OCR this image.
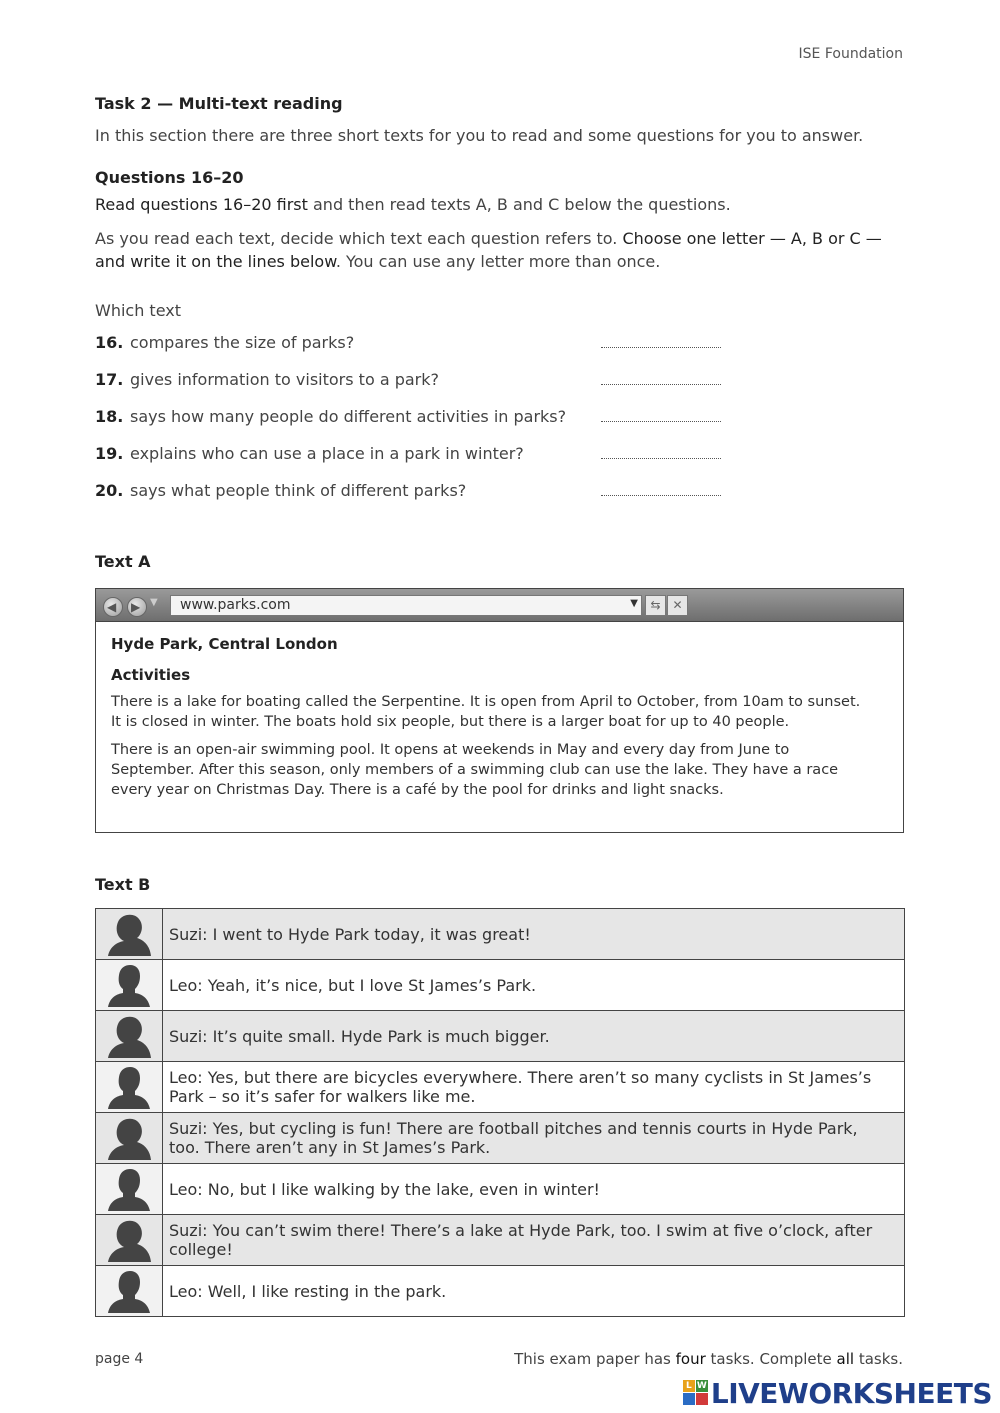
ISE Foundation
Task 2 — Multi-text reading
In this section there are three short texts for you to read and some questions for you to answer.
Questions 16–20
Read questions 16–20 first and then read texts A, B and C below the questions.
As you read each text, decide which text each question refers to. Choose one letter — A, B or C — and write it on the lines below. You can use any letter more than once.
Which text
16. compares the size of parks?
17. gives information to visitors to a park?
18. says how many people do different activities in parks?
19. explains who can use a place in a park in winter?
20. says what people think of different parks?
Text A
◀ ▶ ▼ www.parks.com	▼	⇆ ✕
Hyde Park, Central London
Activities
There is a lake for boating called the Serpentine. It is open from April to October, from 10am to sunset. It is closed in winter. The boats hold six people, but there is a larger boat for up to 40 people.
There is an open-air swimming pool. It opens at weekends in May and every day from June to September. After this season, only members of a swimming club can use the lake. They have a race every year on Christmas Day. There is a café by the pool for drinks and light snacks.
Text B
Suzi: I went to Hyde Park today, it was great!
Leo: Yeah, it’s nice, but I love St James’s Park.
Suzi: It’s quite small. Hyde Park is much bigger.
Leo: Yes, but there are bicycles everywhere. There aren’t so many cyclists in St James’s Park – so it’s safer for walkers like me.
Suzi: Yes, but cycling is fun! There are football pitches and tennis courts in Hyde Park, too. There aren’t any in St James’s Park.
Leo: No, but I like walking by the lake, even in winter!
Suzi: You can’t swim there! There’s a lake at Hyde Park, too. I swim at five o’clock, after college!
Leo: Well, I like resting in the park.
page 4	This exam paper has four tasks. Complete all tasks.
L W LIVEWORKSHEETS
